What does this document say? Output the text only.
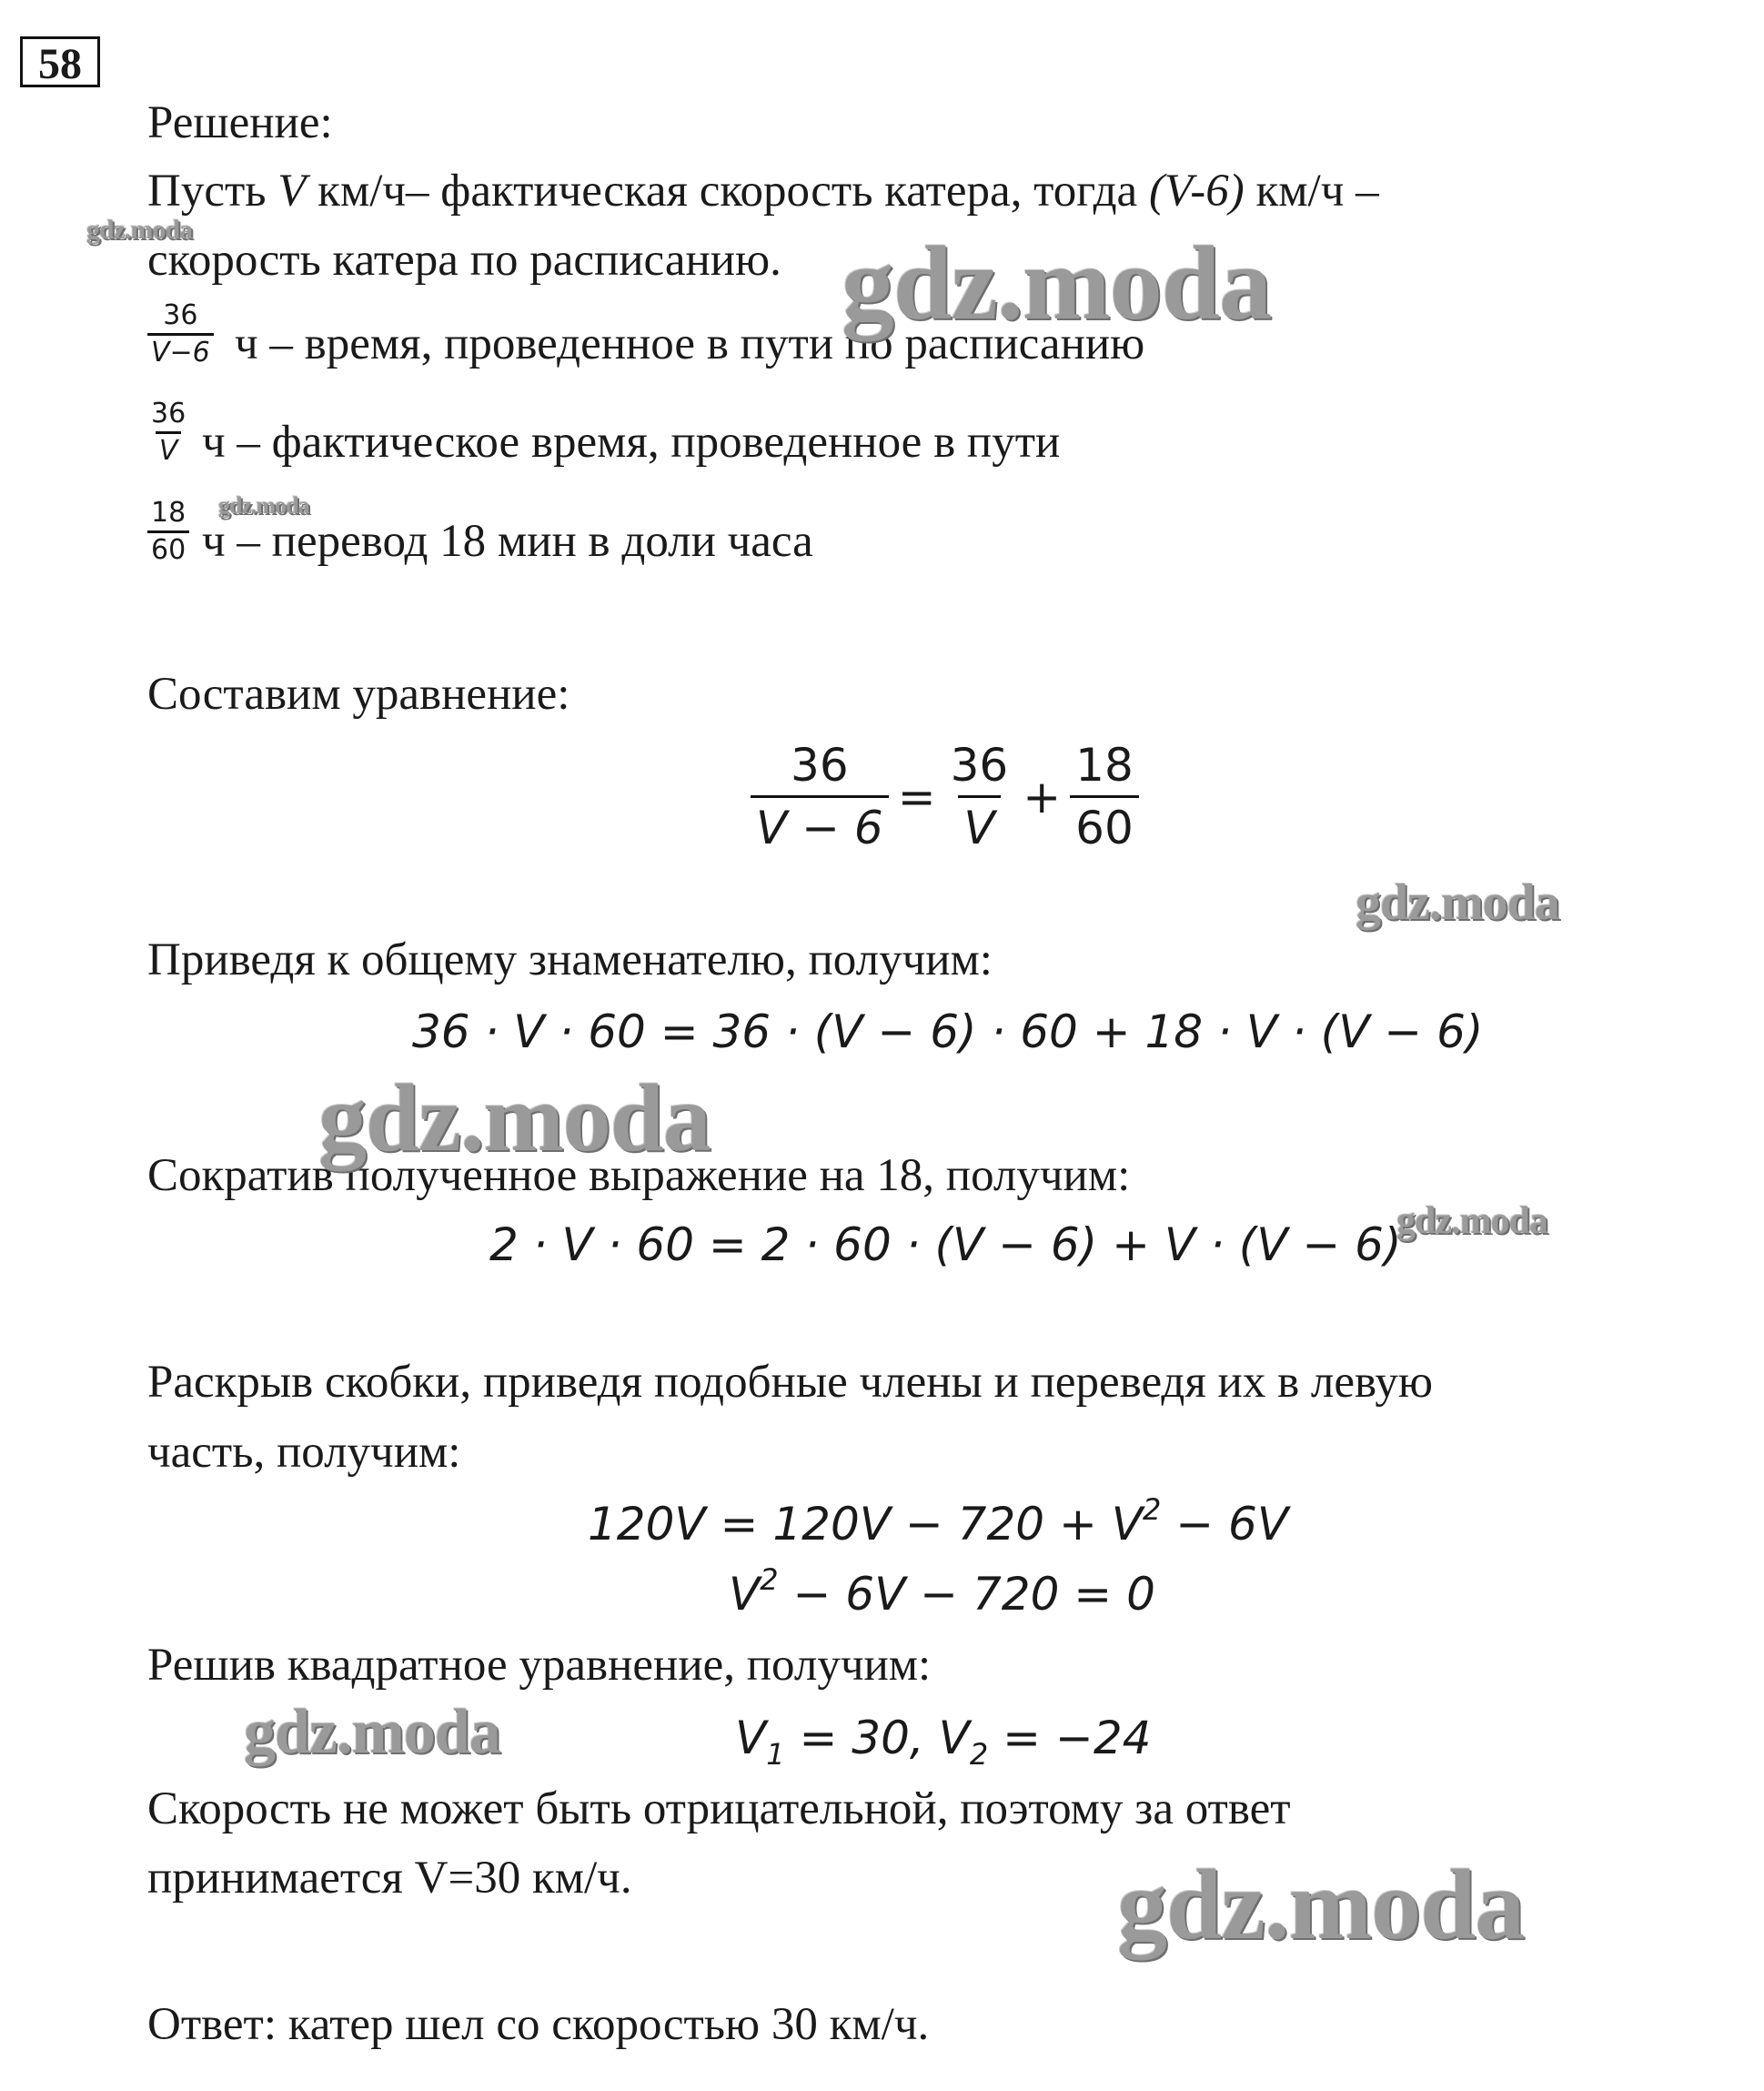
58
Решение:
Пусть V км/ч– фактическая скорость катера, тогда (V-6) км/ч –
скорость катера по расписанию.
$\frac{36}{V-6}$ ч – время, проведенное в пути по расписанию
$\frac{36}{V}$ ч – фактическое время, проведенное в пути
$\frac{18}{60}$ ч – перевод 18 мин в доли часа
Составим уравнение:
$\frac{36}{V - 6} = \frac{36}{V} + \frac{18}{60}$
Приведя к общему знаменателю, получим:
36 · V · 60 = 36 · (V − 6) · 60 + 18 · V · (V − 6)
Сократив полученное выражение на 18, получим:
2 · V · 60 = 2 · 60 · (V − 6) + V · (V − 6)
Раскрыв скобки, приведя подобные члены и переведя их в левую
часть, получим:
$120V = 120V - 720 + V^2 - 6V$
$V^2 - 6V - 720 = 0$
Решив квадратное уравнение, получим:
$V_1 = 30$, $V_2 = -24$
Скорость не может быть отрицательной, поэтому за ответ
принимается V=30 км/ч.
Ответ: катер шел со скоростью 30 км/ч.
gdz.moda	gdz.moda
gdz.moda
gdz.moda
gdz.moda
gdz.moda
gdz.moda
gdz.moda
